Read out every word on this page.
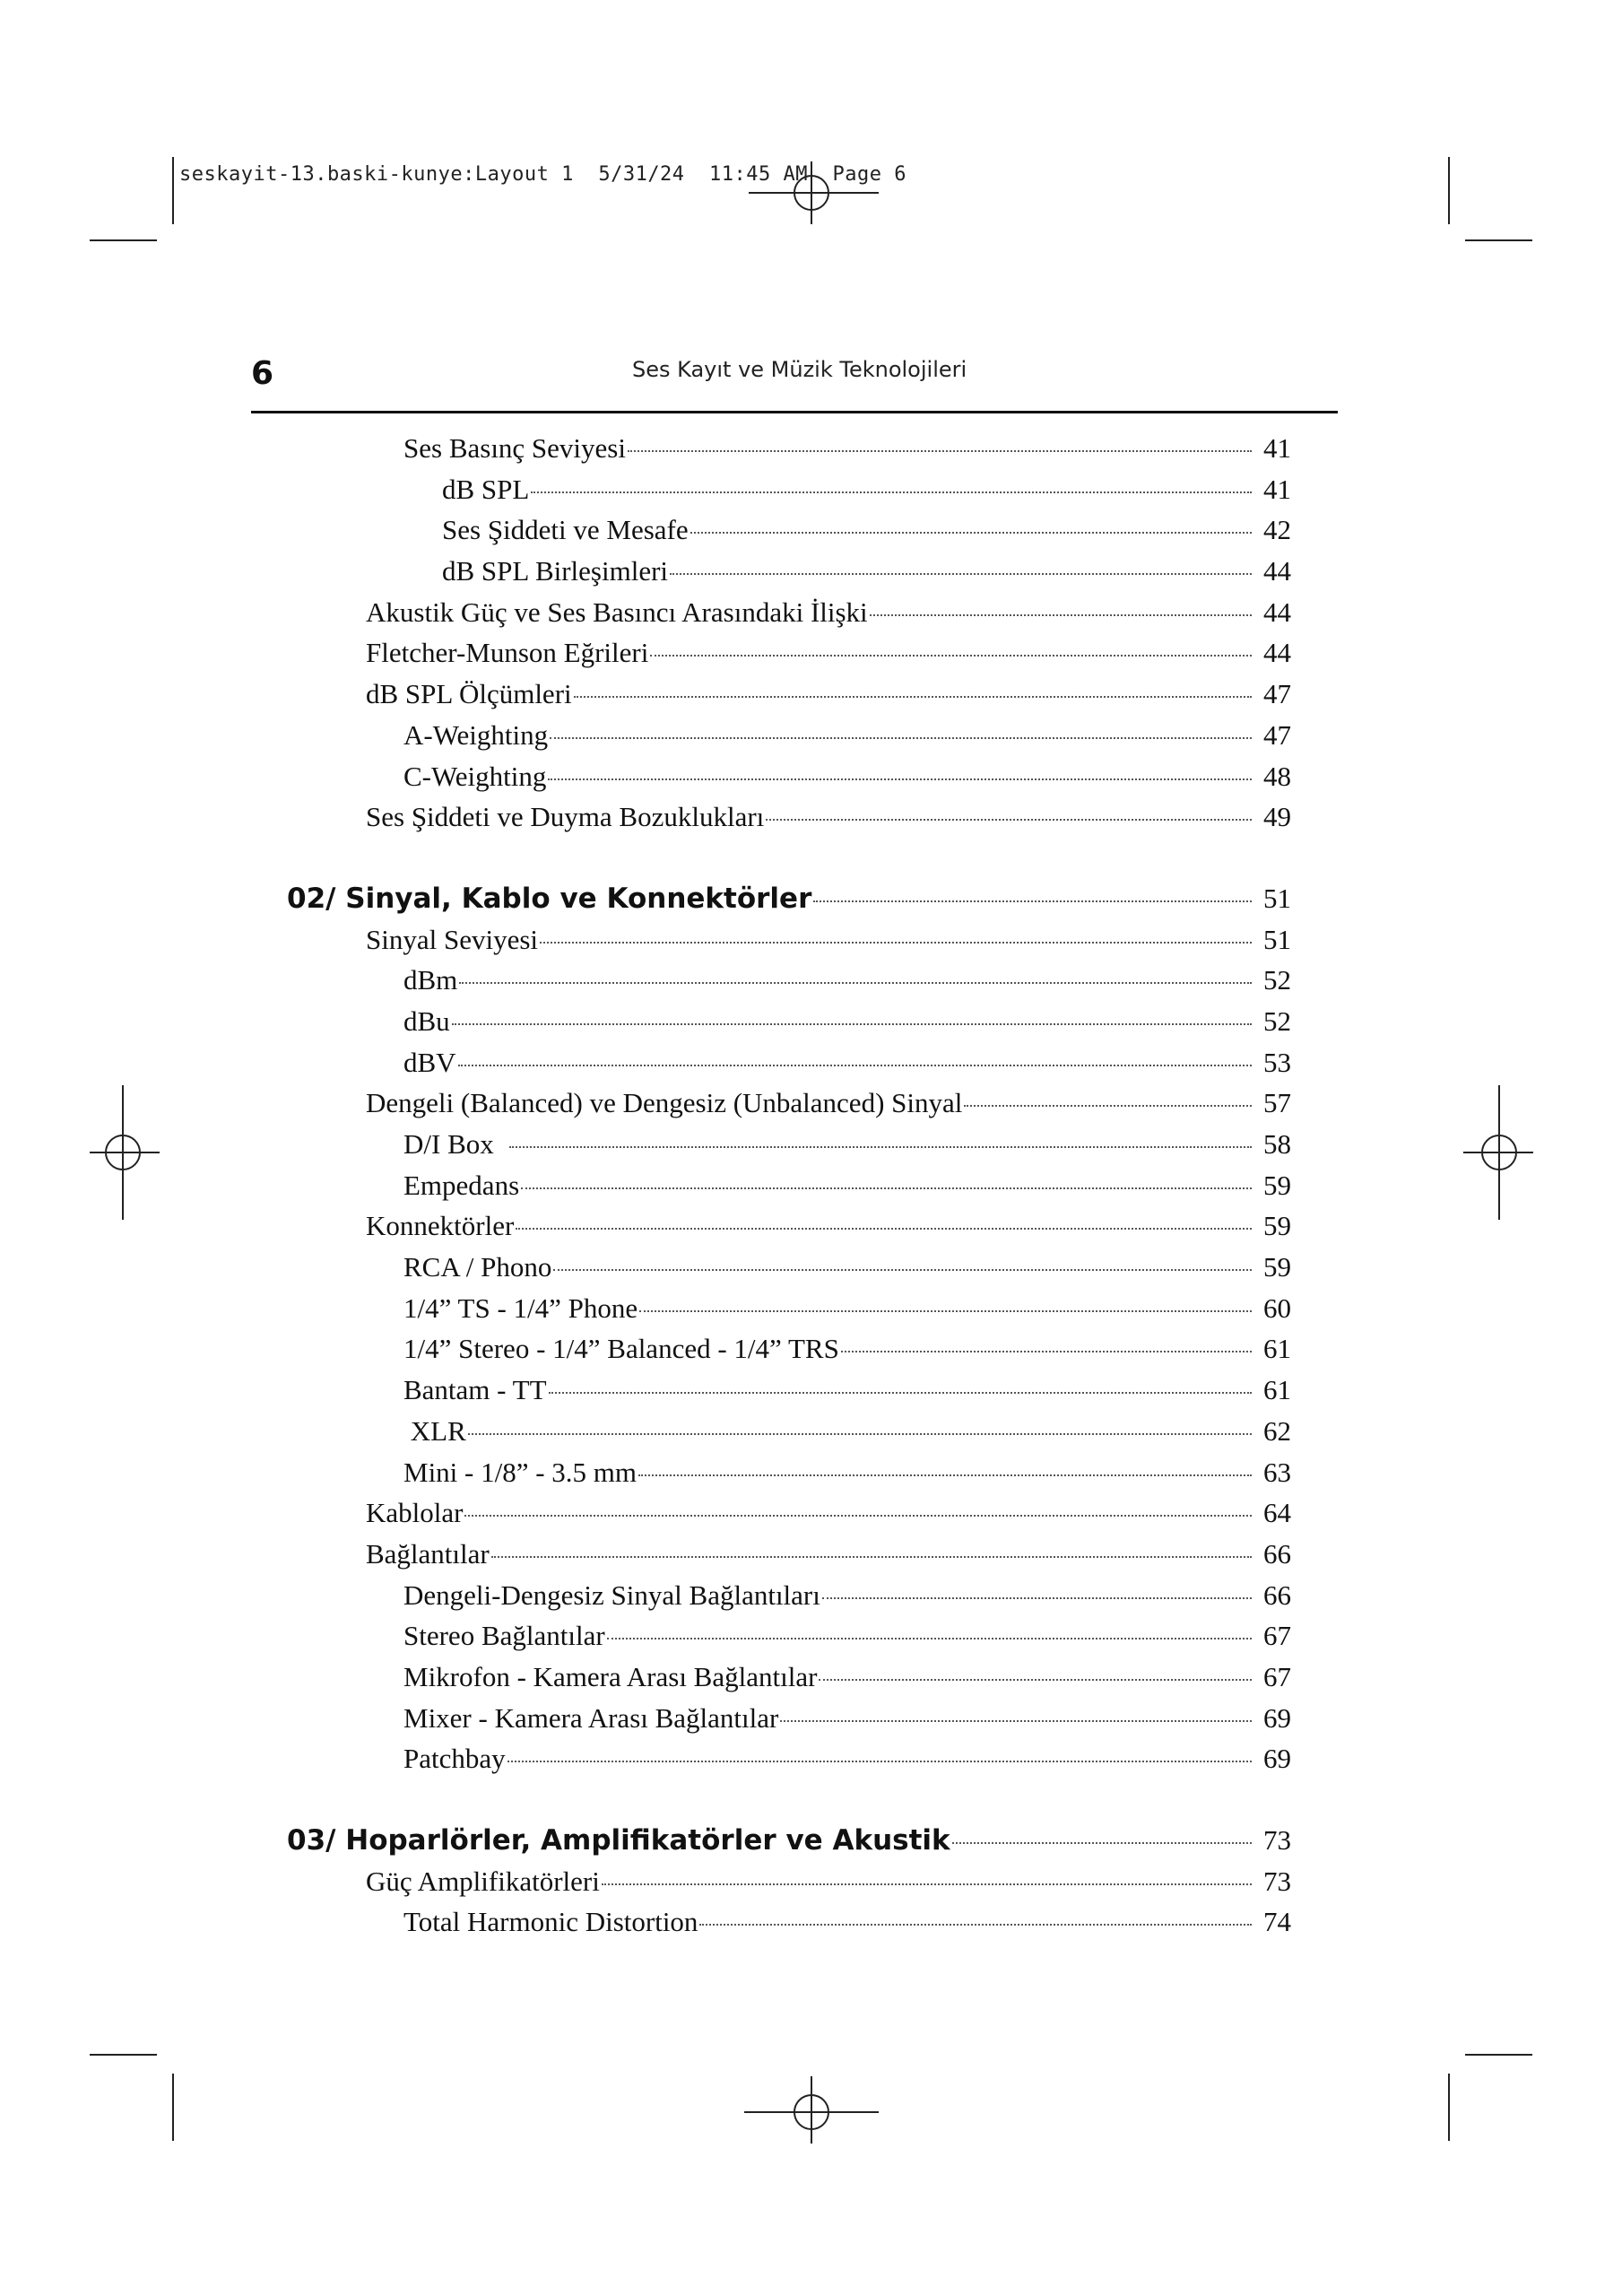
seskayit-13.baski-kunye:Layout 1  5/31/24  11:45 AM  Page 6
6	Ses Kayıt ve Müzik Teknolojileri
Ses Basınç Seviyesi	41
dB SPL	41
Ses Şiddeti ve Mesafe	42
dB SPL Birleşimleri	44
Akustik Güç ve Ses Basıncı Arasındaki İlişki	44
Fletcher-Munson Eğrileri	44
dB SPL Ölçümleri	47
A-Weighting	47
C-Weighting	48
Ses Şiddeti ve Duyma Bozuklukları	49
02/ Sinyal, Kablo ve Konnektörler	51
Sinyal Seviyesi	51
dBm	52
dBu	52
dBV	53
Dengeli (Balanced) ve Dengesiz (Unbalanced) Sinyal	57
D/I Box	58
Empedans	59
Konnektörler	59
RCA / Phono	59
1/4” TS - 1/4” Phone	60
1/4” Stereo - 1/4” Balanced - 1/4” TRS	61
Bantam - TT	61
XLR	62
Mini - 1/8” - 3.5 mm	63
Kablolar	64
Bağlantılar	66
Dengeli-Dengesiz Sinyal Bağlantıları	66
Stereo Bağlantılar	67
Mikrofon - Kamera Arası Bağlantılar	67
Mixer - Kamera Arası Bağlantılar	69
Patchbay	69
03/ Hoparlörler, Amplifikatörler ve Akustik	73
Güç Amplifikatörleri	73
Total Harmonic Distortion	74
